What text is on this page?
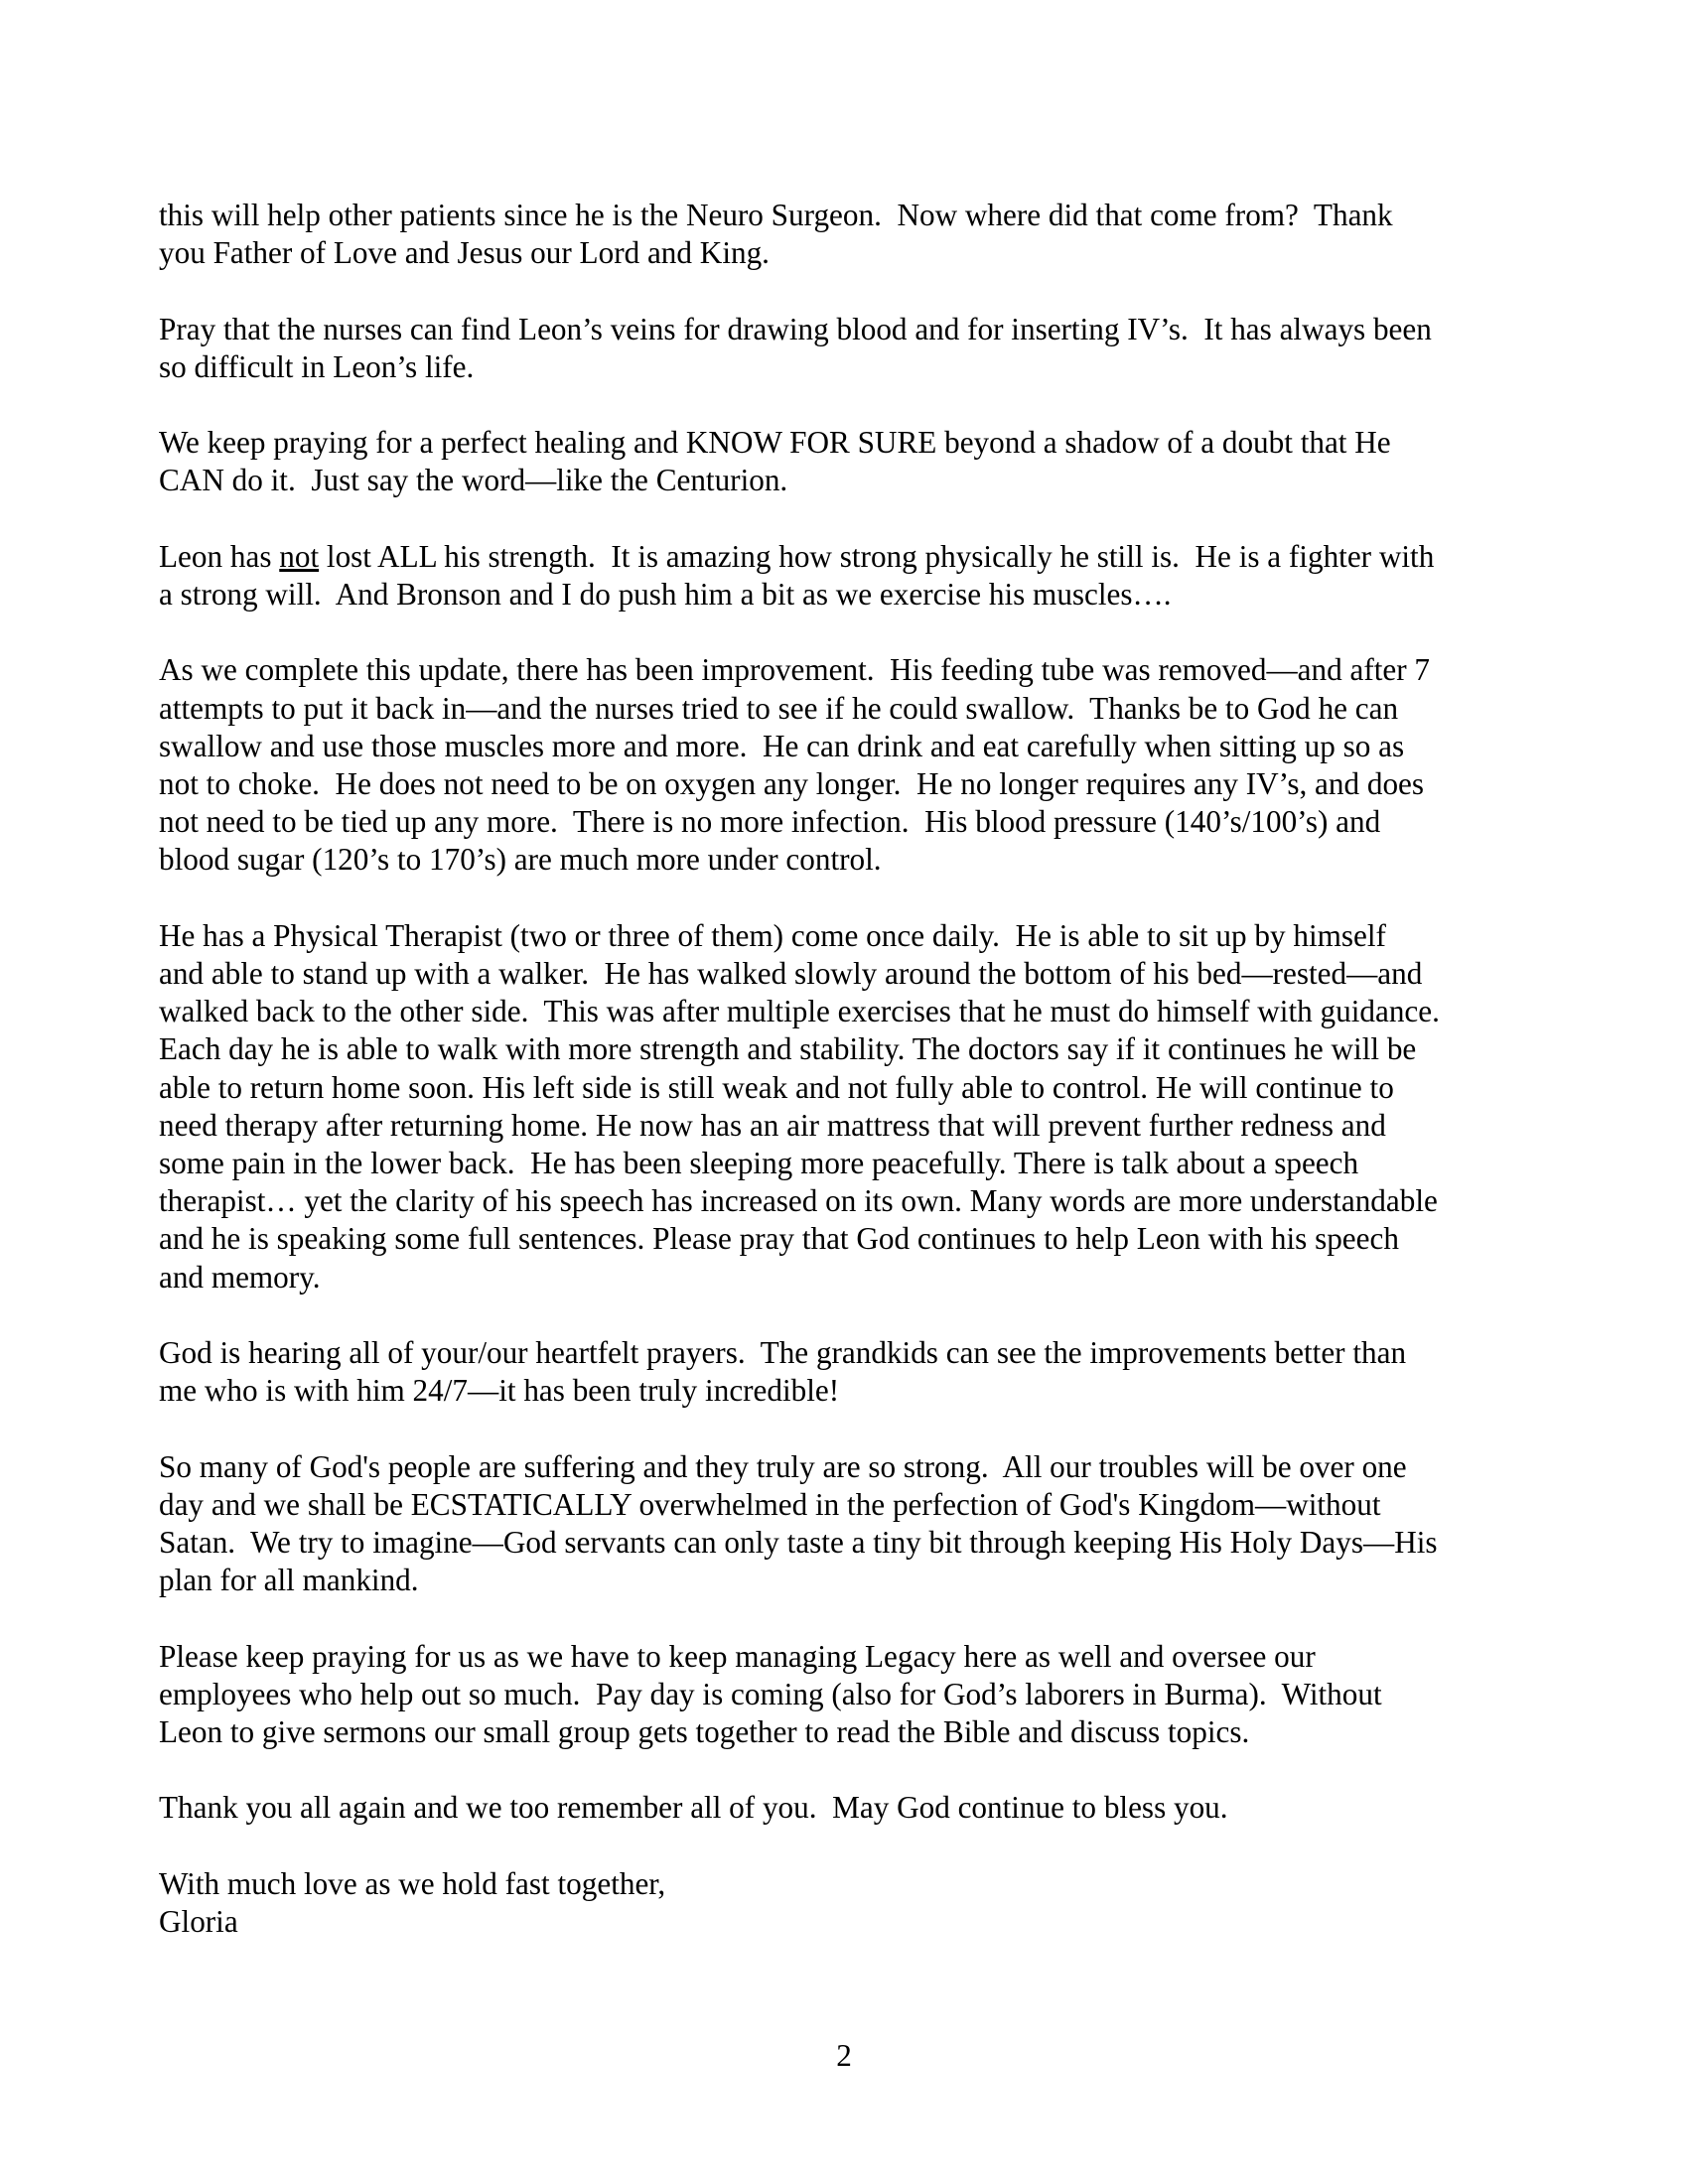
this will help other patients since he is the Neuro Surgeon.  Now where did that come from?  Thank
you Father of Love and Jesus our Lord and King.

Pray that the nurses can find Leon’s veins for drawing blood and for inserting IV’s.  It has always been
so difficult in Leon’s life.

We keep praying for a perfect healing and KNOW FOR SURE beyond a shadow of a doubt that He
CAN do it.  Just say the word—like the Centurion.

Leon has not lost ALL his strength.  It is amazing how strong physically he still is.  He is a fighter with
a strong will.  And Bronson and I do push him a bit as we exercise his muscles….

As we complete this update, there has been improvement.  His feeding tube was removed—and after 7
attempts to put it back in—and the nurses tried to see if he could swallow.  Thanks be to God he can
swallow and use those muscles more and more.  He can drink and eat carefully when sitting up so as
not to choke.  He does not need to be on oxygen any longer.  He no longer requires any IV’s, and does
not need to be tied up any more.  There is no more infection.  His blood pressure (140’s/100’s) and
blood sugar (120’s to 170’s) are much more under control.

He has a Physical Therapist (two or three of them) come once daily.  He is able to sit up by himself
and able to stand up with a walker.  He has walked slowly around the bottom of his bed—rested—and
walked back to the other side.  This was after multiple exercises that he must do himself with guidance.
Each day he is able to walk with more strength and stability. The doctors say if it continues he will be
able to return home soon. His left side is still weak and not fully able to control. He will continue to
need therapy after returning home. He now has an air mattress that will prevent further redness and
some pain in the lower back.  He has been sleeping more peacefully. There is talk about a speech
therapist… yet the clarity of his speech has increased on its own. Many words are more understandable
and he is speaking some full sentences. Please pray that God continues to help Leon with his speech
and memory.

God is hearing all of your/our heartfelt prayers.  The grandkids can see the improvements better than
me who is with him 24/7—it has been truly incredible!

So many of God's people are suffering and they truly are so strong.  All our troubles will be over one
day and we shall be ECSTATICALLY overwhelmed in the perfection of God's Kingdom—without
Satan.  We try to imagine—God servants can only taste a tiny bit through keeping His Holy Days—His
plan for all mankind.

Please keep praying for us as we have to keep managing Legacy here as well and oversee our
employees who help out so much.  Pay day is coming (also for God’s laborers in Burma).  Without
Leon to give sermons our small group gets together to read the Bible and discuss topics.

Thank you all again and we too remember all of you.  May God continue to bless you.

With much love as we hold fast together,
Gloria

2
